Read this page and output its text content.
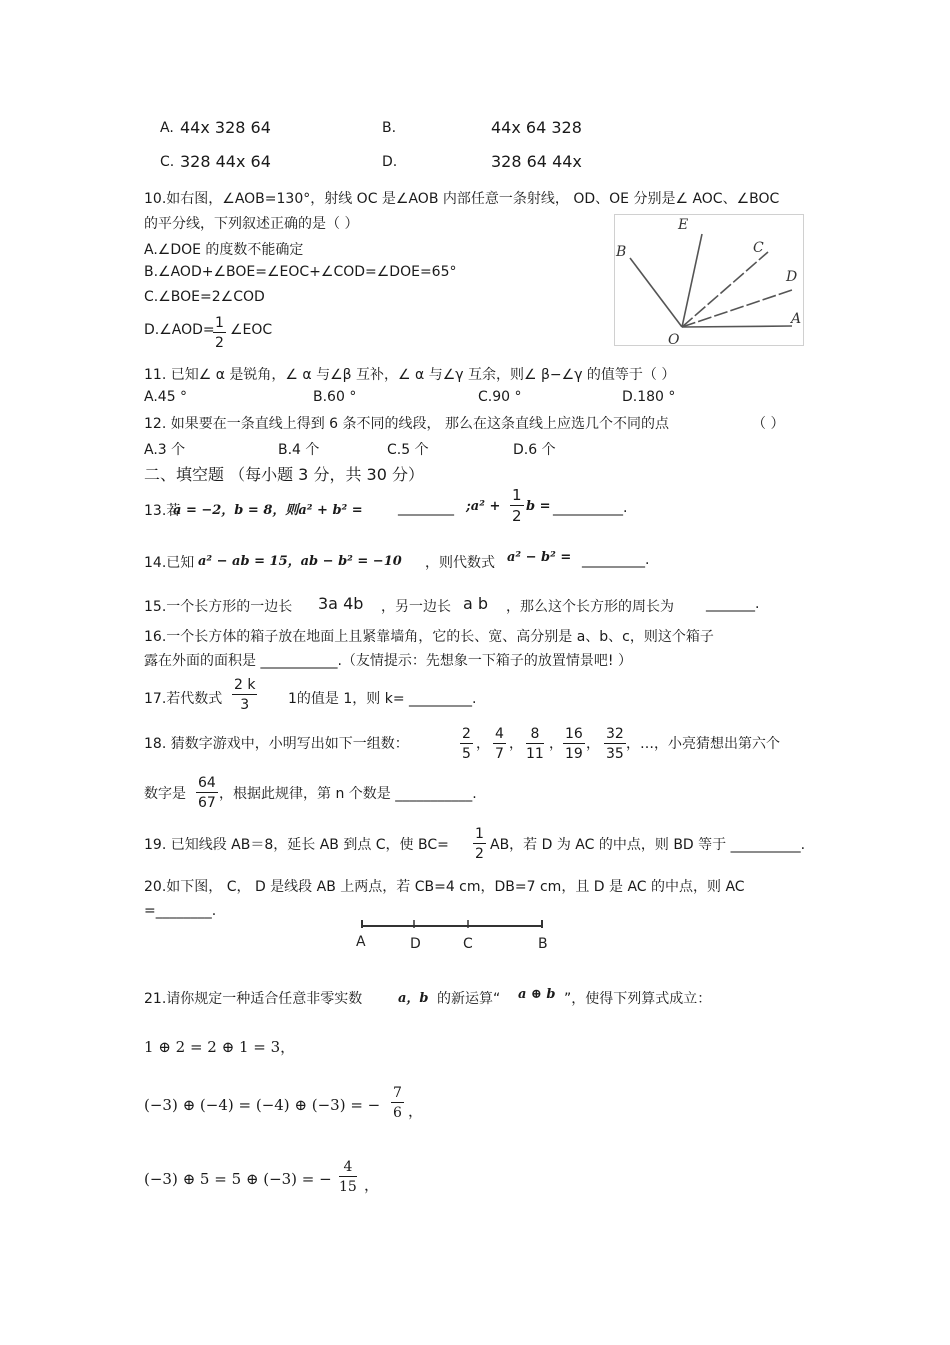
A. 44x 328 64	B.	44x 64 328
C. 328 44x 64	D.	328 64 44x
10.如右图，∠AOB=130°，射线 OC 是∠AOB 内部任意一条射线， OD、OE 分别是∠ AOC、∠BOC
的平分线，下列叙述正确的是（ ）
A.∠DOE 的度数不能确定
B.∠AOD+∠BOE=∠EOC+∠COD=∠DOE=65°
C.∠BOE=2∠COD
D.∠AOD=
$\frac{1}{2}$ ∠EOC
E
C
D
A
B
O
11. 已知∠ α 是锐角，∠ α 与∠β 互补，∠ α 与∠γ 互余，则∠ β−∠γ 的值等于（ ）
A.45 °	B.60 °	C.90 °	D.180 °
12. 如果要在一条直线上得到 6 条不同的线段， 那么在这条直线上应选几个不同的点	（ ）
A.3 个	B.4 个	C.5 个	D.6 个
二、填空题 （每小题 3 分，共 30 分）
13.若
a = −2，b = 8，则a² + b² =	________ ;a² + $\frac{1}{2}$ b = __________.
14.已知 a² − ab = 15，ab − b² = −10 ，则代数式 a² − b² = _________.
15.一个长方形的一边长 3a 4b ，另一边长 a b ，那么这个长方形的周长为 _______.
16.一个长方体的箱子放在地面上且紧靠墙角，它的长、宽、高分别是 a、b、c，则这个箱子
露在外面的面积是 ___________.（友情提示：先想象一下箱子的放置情景吧! ）
17.若代数式 $\frac{2 k}{3} 1$的值是 1，则 k= _________.
18. 猜数字游戏中，小明写出如下一组数：	$\frac{2}{5}$ ， $\frac{4}{7}$ ， $\frac{8}{11}$ ， $\frac{16}{19}$ ， $\frac{32}{35}$ ，…，小亮猜想出第六个
数字是 $\frac{64}{67}$ ，根据此规律，第 n 个数是 ___________.
19. 已知线段 AB＝8，延长 AB 到点 C，使 $BC= \frac{1}{2}$ AB，若 D 为 AC 的中点，则 BD 等于 __________.
20.如下图， C， D 是线段 AB 上两点，若 CB=4 cm，DB=7 cm，且 D 是 AC 的中点，则 AC
=________.
A	D	C	B
21.请你规定一种适合任意非零实数	a，b 的新运算“ a ⊕ b ”，使得下列算式成立：
1 ⊕ 2 = 2 ⊕ 1 = 3，
(−3) ⊕ (−4) = (−4) ⊕ (−3) = − $\frac{7}{6}$ ，
(−3) ⊕ 5 = 5 ⊕ (−3) = − $\frac{4}{15}$ ，
